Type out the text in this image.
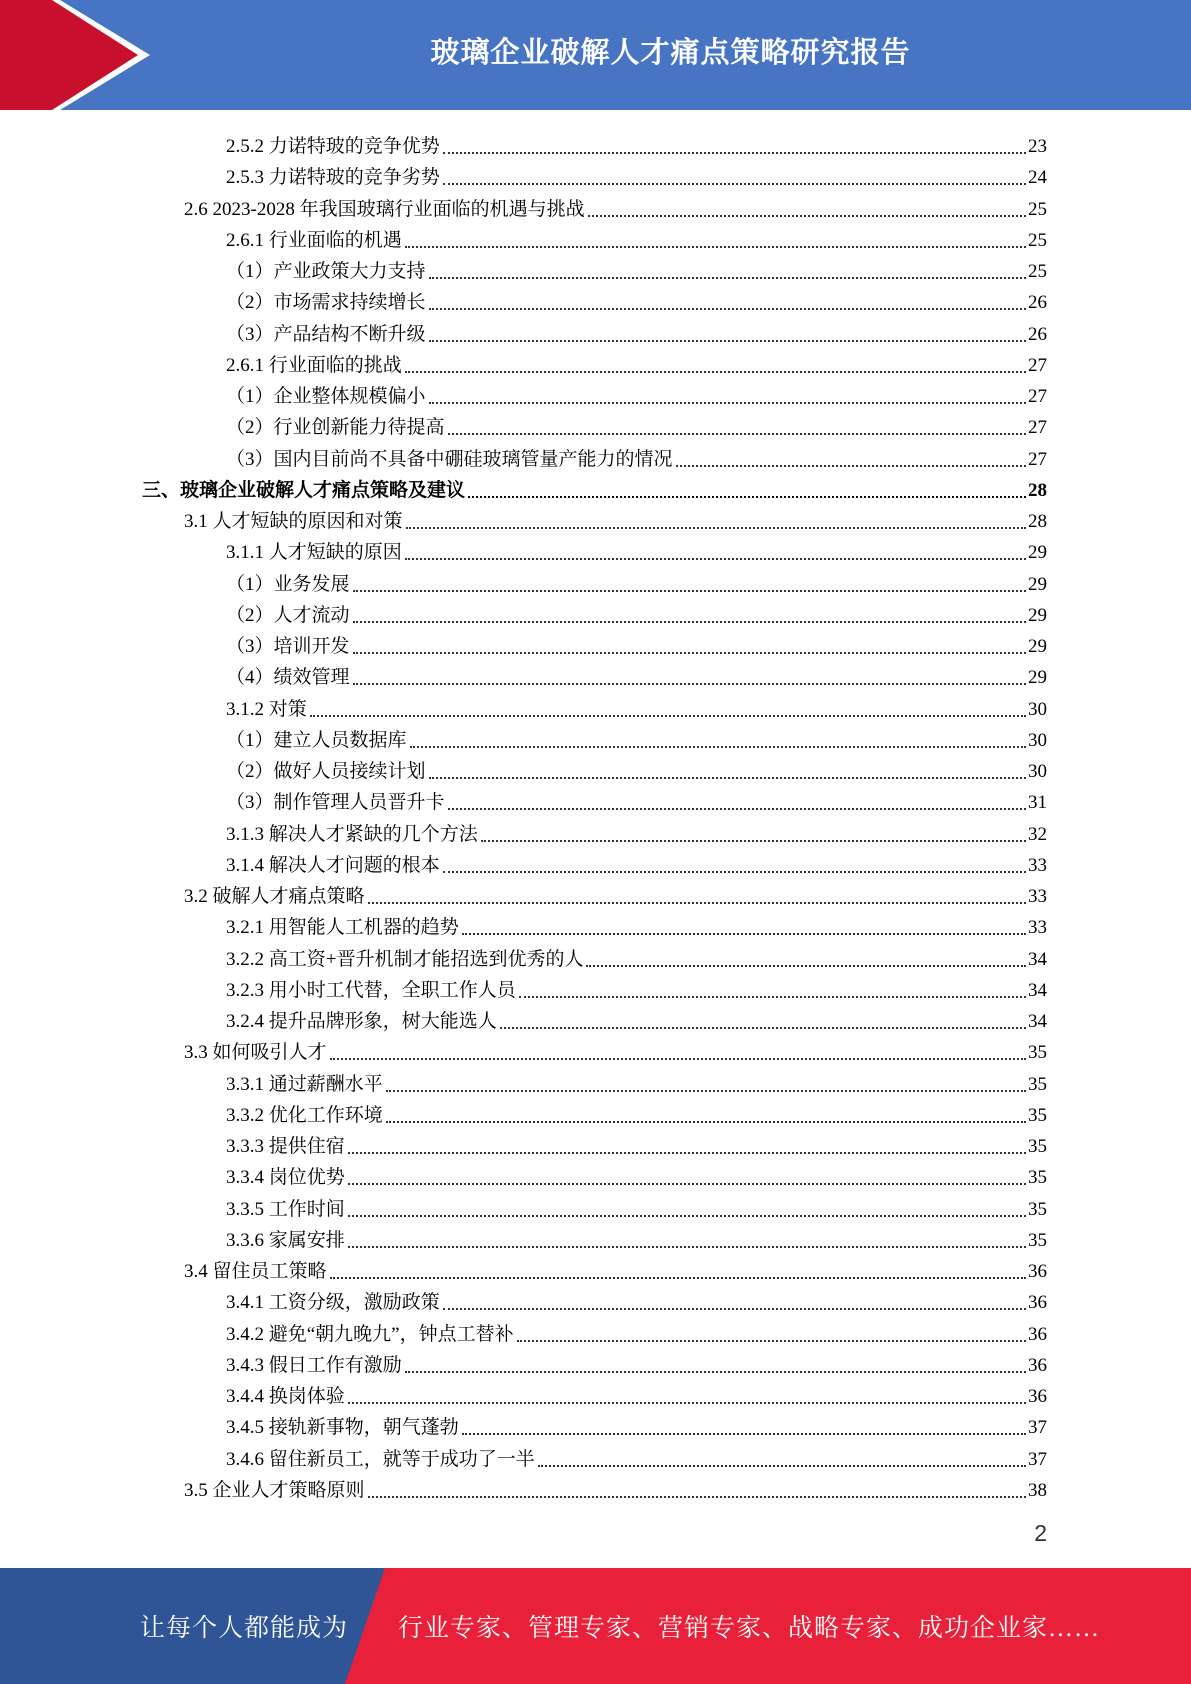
玻璃企业破解人才痛点策略研究报告
2.5.2 力诺特玻的竞争优势	23
2.5.3 力诺特玻的竞争劣势	24
2.6 2023-2028 年我国玻璃行业面临的机遇与挑战	25
2.6.1 行业面临的机遇	25
（1）产业政策大力支持	25
（2）市场需求持续增长	26
（3）产品结构不断升级	26
2.6.1 行业面临的挑战	27
（1）企业整体规模偏小	27
（2）行业创新能力待提高	27
（3）国内目前尚不具备中硼硅玻璃管量产能力的情况	27
三、玻璃企业破解人才痛点策略及建议	28
3.1 人才短缺的原因和对策	28
3.1.1 人才短缺的原因	29
（1）业务发展	29
（2）人才流动	29
（3）培训开发	29
（4）绩效管理	29
3.1.2 对策	30
（1）建立人员数据库	30
（2）做好人员接续计划	30
（3）制作管理人员晋升卡	31
3.1.3 解决人才紧缺的几个方法	32
3.1.4 解决人才问题的根本	33
3.2 破解人才痛点策略	33
3.2.1 用智能人工机器的趋势	33
3.2.2 高工资+晋升机制才能招选到优秀的人	34
3.2.3 用小时工代替，全职工作人员	34
3.2.4 提升品牌形象，树大能选人	34
3.3 如何吸引人才	35
3.3.1 通过薪酬水平	35
3.3.2 优化工作环境	35
3.3.3 提供住宿	35
3.3.4 岗位优势	35
3.3.5 工作时间	35
3.3.6 家属安排	35
3.4 留住员工策略	36
3.4.1 工资分级，激励政策	36
3.4.2 避免“朝九晚九”，钟点工替补	36
3.4.3 假日工作有激励	36
3.4.4 换岗体验	36
3.4.5 接轨新事物，朝气蓬勃	37
3.4.6 留住新员工，就等于成功了一半	37
3.5 企业人才策略原则	38
2
让每个人都能成为 行业专家、管理专家、营销专家、战略专家、成功企业家……
